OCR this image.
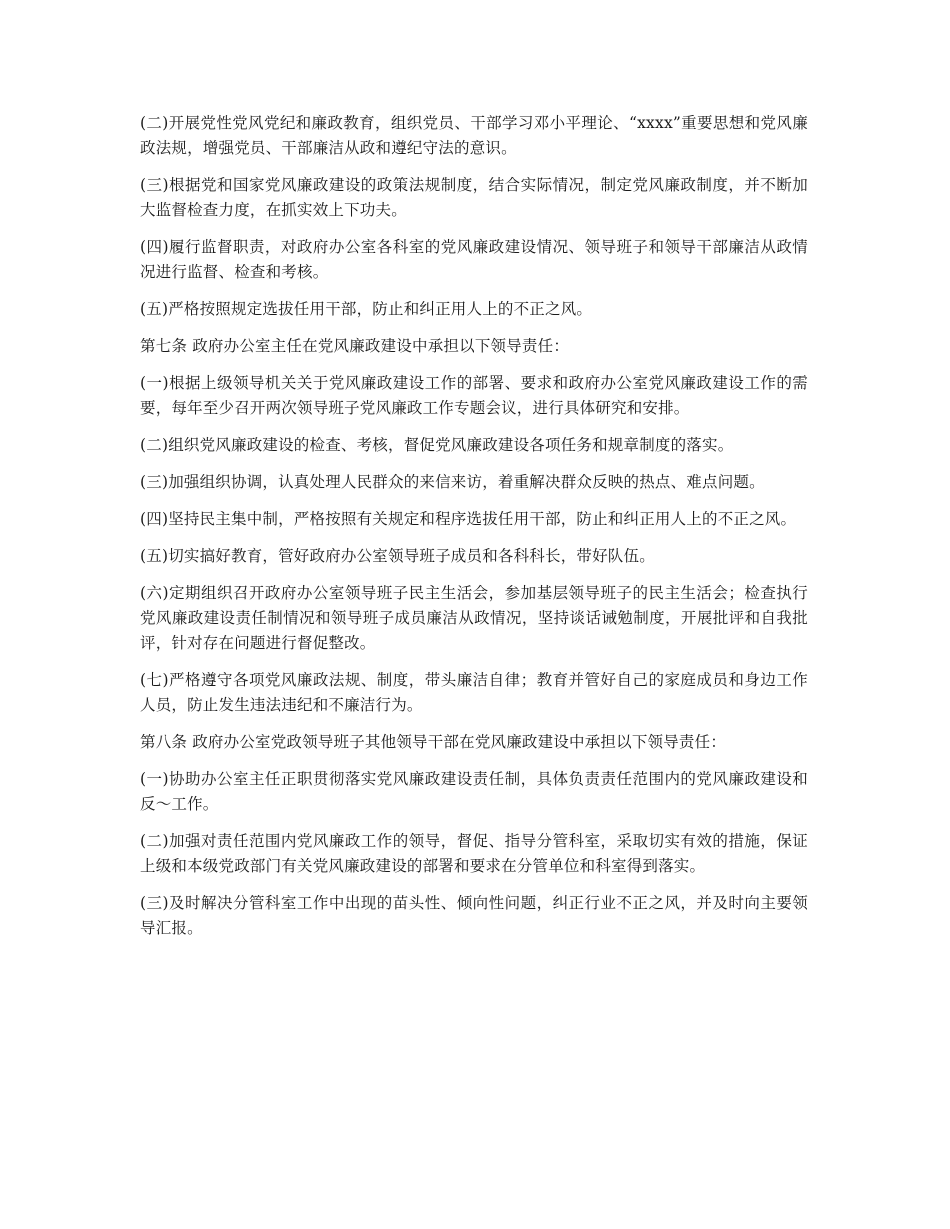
(二)开展党性党风党纪和廉政教育，组织党员、干部学习邓小平理论、“xxxx”重要思想和党风廉政法规，增强党员、干部廉洁从政和遵纪守法的意识。

(三)根据党和国家党风廉政建设的政策法规制度，结合实际情况，制定党风廉政制度，并不断加大监督检查力度，在抓实效上下功夫。

(四)履行监督职责，对政府办公室各科室的党风廉政建设情况、领导班子和领导干部廉洁从政情况进行监督、检查和考核。

(五)严格按照规定选拔任用干部，防止和纠正用人上的不正之风。

第七条 政府办公室主任在党风廉政建设中承担以下领导责任：

(一)根据上级领导机关关于党风廉政建设工作的部署、要求和政府办公室党风廉政建设工作的需要，每年至少召开两次领导班子党风廉政工作专题会议，进行具体研究和安排。

(二)组织党风廉政建设的检查、考核，督促党风廉政建设各项任务和规章制度的落实。

(三)加强组织协调，认真处理人民群众的来信来访，着重解决群众反映的热点、难点问题。

(四)坚持民主集中制，严格按照有关规定和程序选拔任用干部，防止和纠正用人上的不正之风。

(五)切实搞好教育，管好政府办公室领导班子成员和各科科长，带好队伍。

(六)定期组织召开政府办公室领导班子民主生活会，参加基层领导班子的民主生活会；检查执行党风廉政建设责任制情况和领导班子成员廉洁从政情况，坚持谈话诫勉制度，开展批评和自我批评，针对存在问题进行督促整改。

(七)严格遵守各项党风廉政法规、制度，带头廉洁自律；教育并管好自己的家庭成员和身边工作人员，防止发生违法违纪和不廉洁行为。

第八条 政府办公室党政领导班子其他领导干部在党风廉政建设中承担以下领导责任：

(一)协助办公室主任正职贯彻落实党风廉政建设责任制，具体负责责任范围内的党风廉政建设和反～工作。

(二)加强对责任范围内党风廉政工作的领导，督促、指导分管科室，采取切实有效的措施，保证上级和本级党政部门有关党风廉政建设的部署和要求在分管单位和科室得到落实。

(三)及时解决分管科室工作中出现的苗头性、倾向性问题，纠正行业不正之风，并及时向主要领导汇报。
